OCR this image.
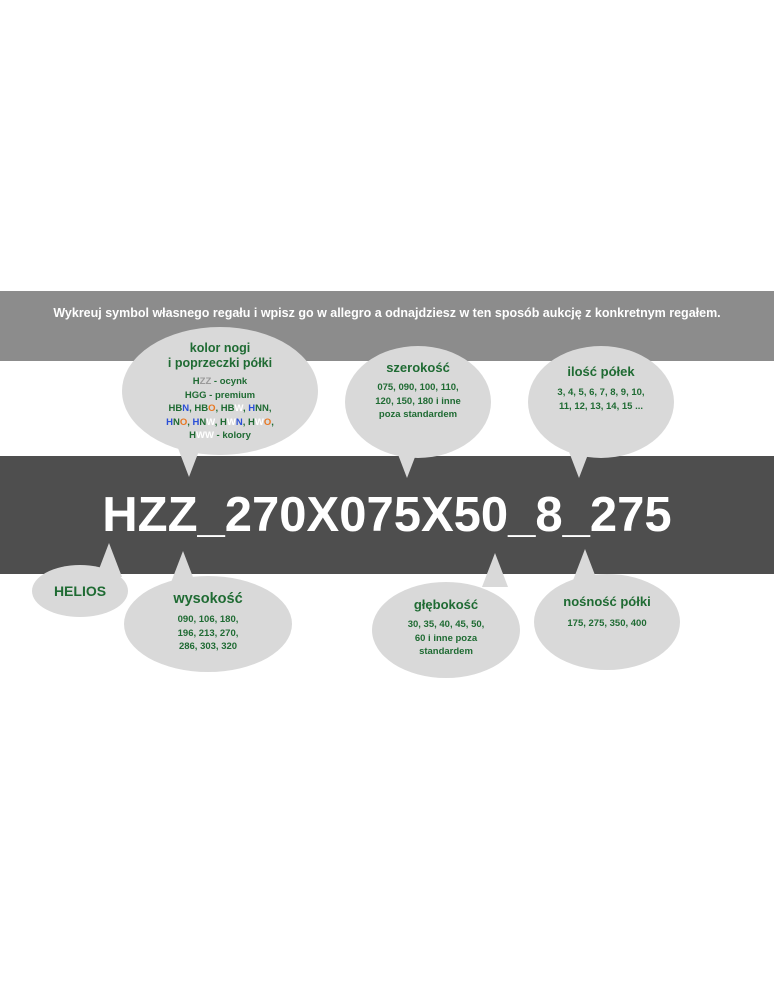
Wykreuj symbol własnego regału i wpisz go w allegro a odnajdziesz w ten sposób aukcję z konkretnym regałem.
HZZ_270X075X50_8_275
kolor nogi
i poprzeczki półki
HZZ - ocynk
HGG - premium
HBN, HBO, HBW, HNN,
HNO, HNW, HWN, HWO,
HWW - kolory
szerokość
075, 090, 100, 110,
120, 150, 180 i inne
poza standardem
ilość półek
3, 4, 5, 6, 7, 8, 9, 10,
11, 12, 13, 14, 15 ...
HELIOS	wysokość
090, 106, 180,
196, 213, 270,
286, 303, 320
głębokość
30, 35, 40, 45, 50,
60 i inne poza
standardem
nośność półki
175, 275, 350, 400
